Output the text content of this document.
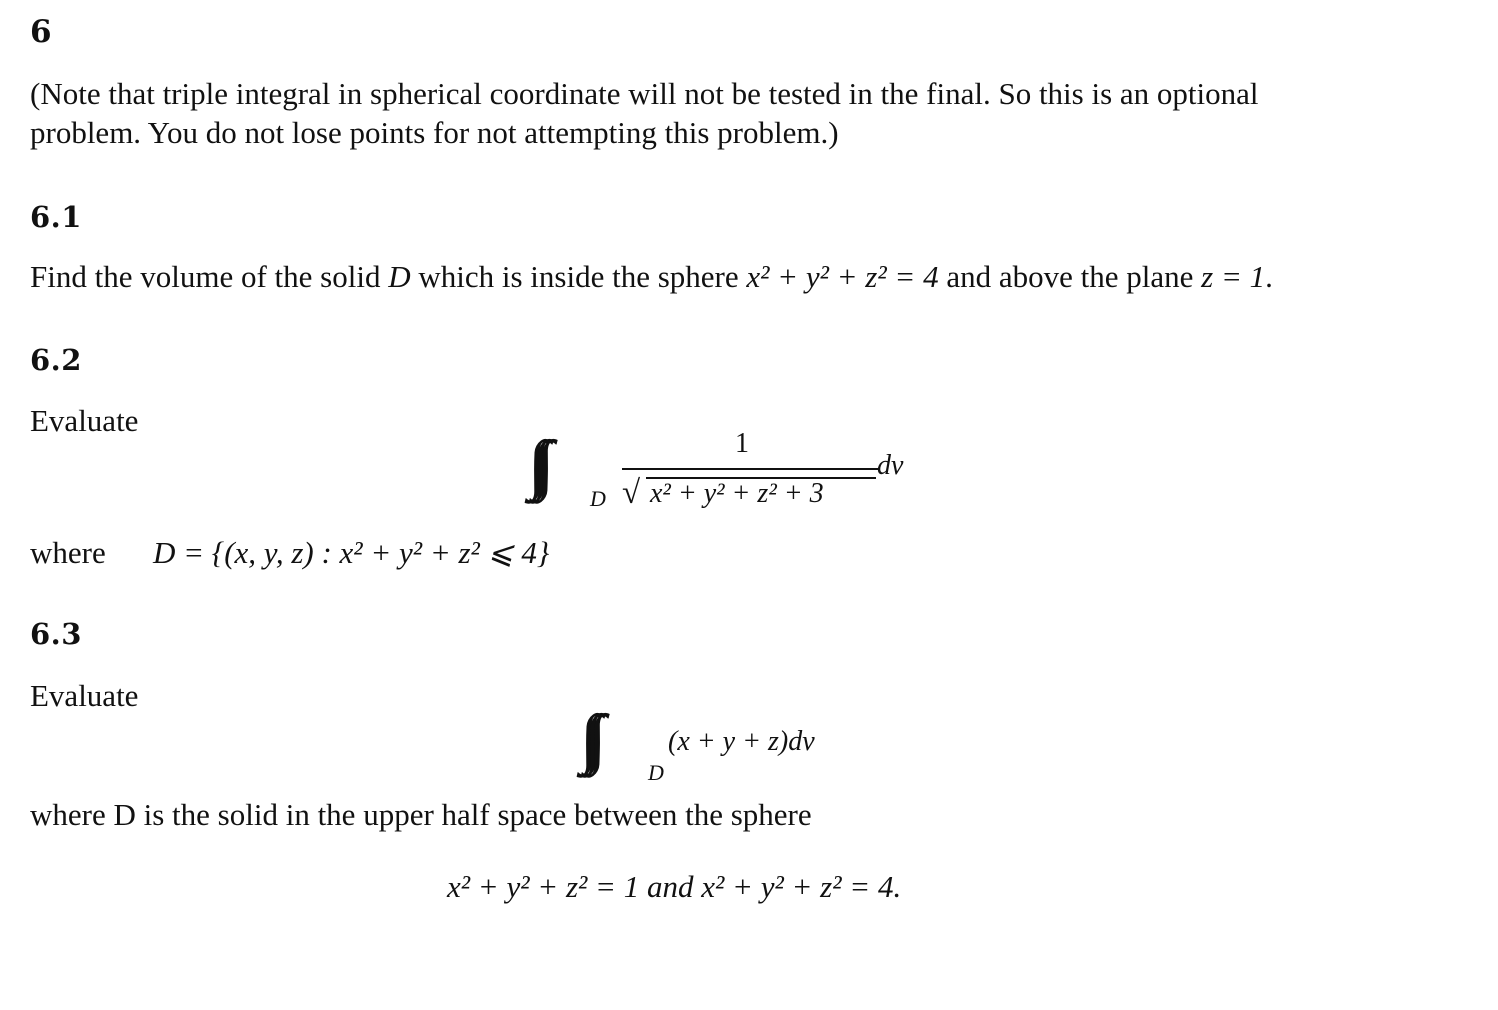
6
(Note that triple integral in spherical coordinate will not be tested in the final. So this is an optional
problem. You do not lose points for not attempting this problem.)
6.1
Find the volume of the solid D which is inside the sphere x² + y² + z² = 4 and above the plane z = 1.
6.2
Evaluate
∫∫∫ D
1
√ x² + y² + z² + 3
dv
where D = {(x, y, z) : x² + y² + z² ⩽ 4}
6.3
Evaluate
∫∫∫	D
(x + y + z)dv
where D is the solid in the upper half space between the sphere
x² + y² + z² = 1 and x² + y² + z² = 4.
